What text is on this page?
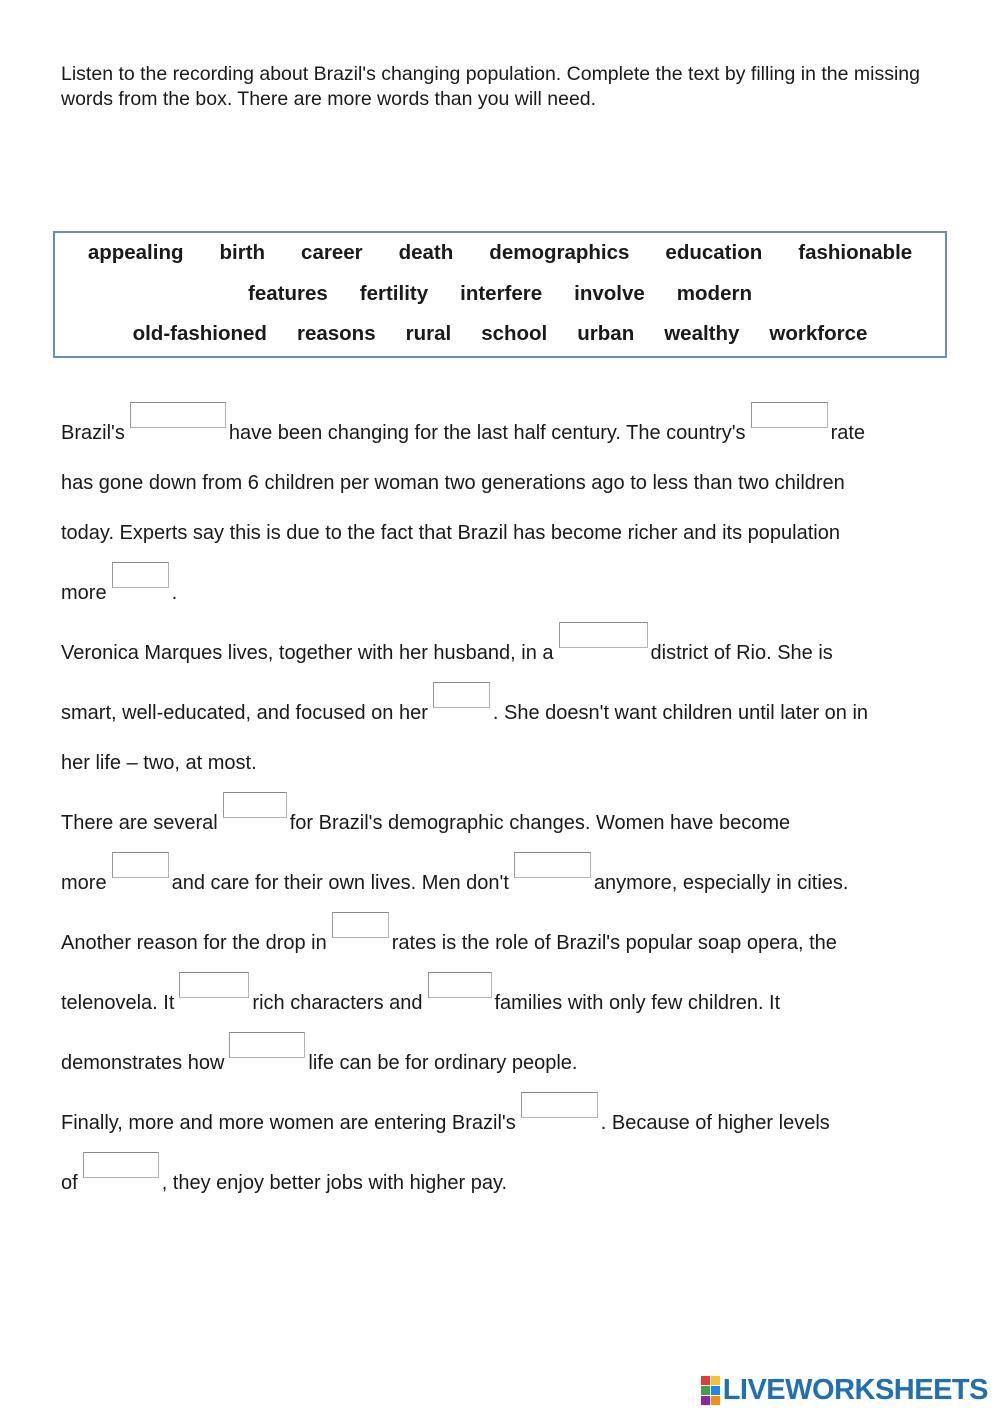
Listen to the recording about Brazil's changing population. Complete the text by filling in the missing words from the box. There are more words than you will need.
appealing birth career death demographics education fashionable
features fertility interfere involve modern
old-fashioned reasons rural school urban wealthy workforce
Brazil's	have been changing for the last half century. The country's	rate
has gone down from 6 children per woman two generations ago to less than two children
today. Experts say this is due to the fact that Brazil has become richer and its population
more	.
Veronica Marques lives, together with her husband, in a	district of Rio. She is
smart, well-educated, and focused on her	. She doesn't want children until later on in
her life – two, at most.
There are several	for Brazil's demographic changes. Women have become
more	and care for their own lives. Men don't	anymore, especially in cities.
Another reason for the drop in	rates is the role of Brazil's popular soap opera, the
telenovela. It	rich characters and	families with only few children. It
demonstrates how	life can be for ordinary people.
Finally, more and more women are entering Brazil's	. Because of higher levels
of	, they enjoy better jobs with higher pay.
LIVEWORKSHEETS
